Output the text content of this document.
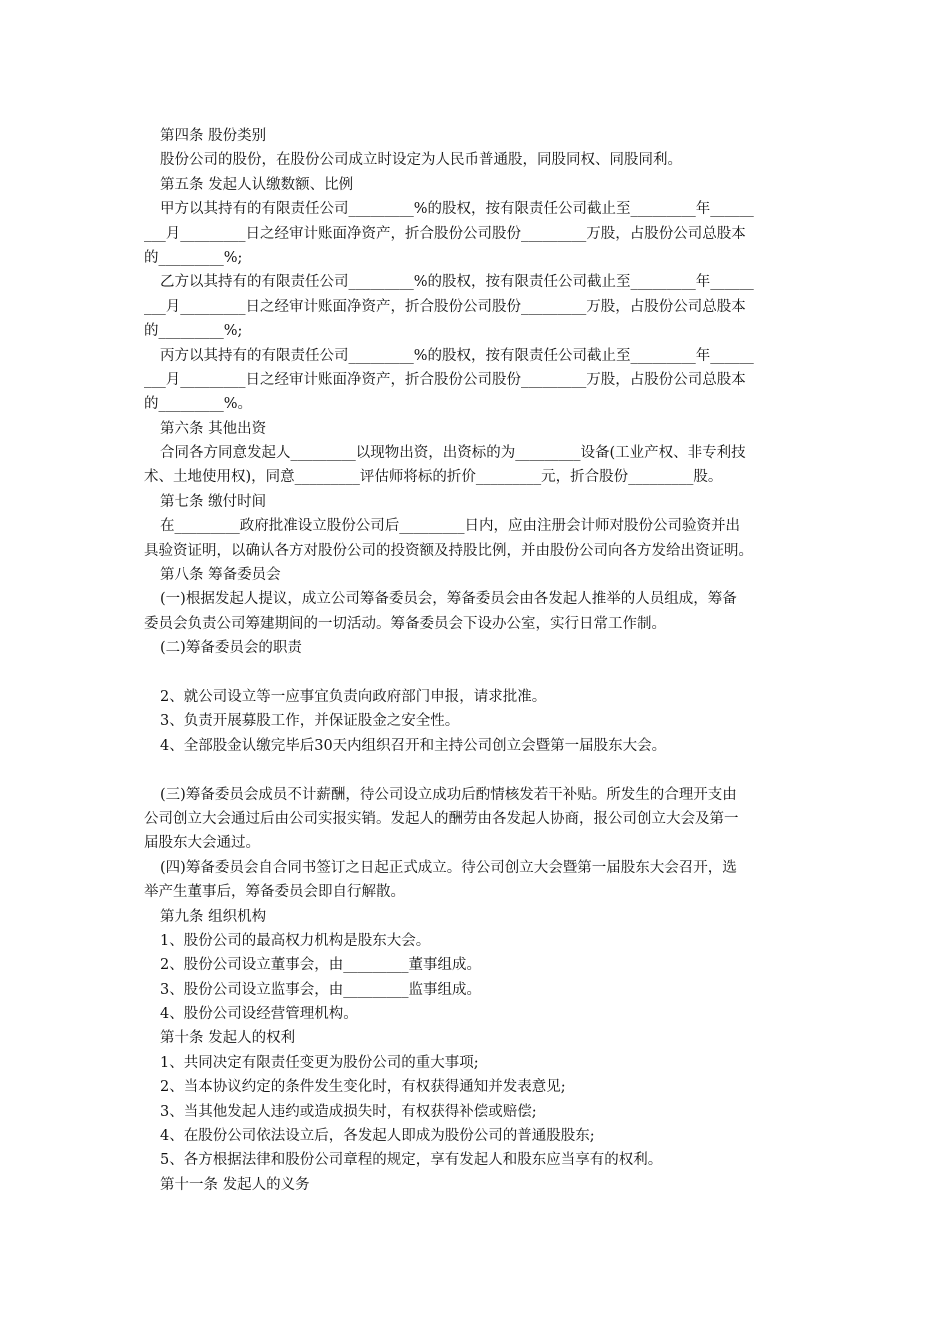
第四条 股份类别
股份公司的股份，在股份公司成立时设定为人民币普通股，同股同权、同股同利。
第五条 发起人认缴数额、比例
甲方以其持有的有限责任公司_________%的股权，按有限责任公司截止至_________年______
___月_________日之经审计账面净资产，折合股份公司股份_________万股，占股份公司总股本
的_________%;
乙方以其持有的有限责任公司_________%的股权，按有限责任公司截止至_________年______
___月_________日之经审计账面净资产，折合股份公司股份_________万股，占股份公司总股本
的_________%;
丙方以其持有的有限责任公司_________%的股权，按有限责任公司截止至_________年______
___月_________日之经审计账面净资产，折合股份公司股份_________万股，占股份公司总股本
的_________%。
第六条 其他出资
合同各方同意发起人_________以现物出资，出资标的为_________设备(工业产权、非专利技
术、土地使用权)，同意_________评估师将标的折价_________元，折合股份_________股。
第七条 缴付时间
在_________政府批准设立股份公司后_________日内，应由注册会计师对股份公司验资并出
具验资证明，以确认各方对股份公司的投资额及持股比例，并由股份公司向各方发给出资证明。
第八条 筹备委员会
(一)根据发起人提议，成立公司筹备委员会，筹备委员会由各发起人推举的人员组成，筹备
委员会负责公司筹建期间的一切活动。筹备委员会下设办公室，实行日常工作制。
(二)筹备委员会的职责
2、就公司设立等一应事宜负责向政府部门申报，请求批准。
3、负责开展募股工作，并保证股金之安全性。
4、全部股金认缴完毕后30天内组织召开和主持公司创立会暨第一届股东大会。
(三)筹备委员会成员不计薪酬，待公司设立成功后酌情核发若干补贴。所发生的合理开支由
公司创立大会通过后由公司实报实销。发起人的酬劳由各发起人协商，报公司创立大会及第一
届股东大会通过。
(四)筹备委员会自合同书签订之日起正式成立。待公司创立大会暨第一届股东大会召开，选
举产生董事后，筹备委员会即自行解散。
第九条 组织机构
1、股份公司的最高权力机构是股东大会。
2、股份公司设立董事会，由_________董事组成。
3、股份公司设立监事会，由_________监事组成。
4、股份公司设经营管理机构。
第十条 发起人的权利
1、共同决定有限责任变更为股份公司的重大事项;
2、当本协议约定的条件发生变化时，有权获得通知并发表意见;
3、当其他发起人违约或造成损失时，有权获得补偿或赔偿;
4、在股份公司依法设立后，各发起人即成为股份公司的普通股股东;
5、各方根据法律和股份公司章程的规定，享有发起人和股东应当享有的权利。
第十一条 发起人的义务
